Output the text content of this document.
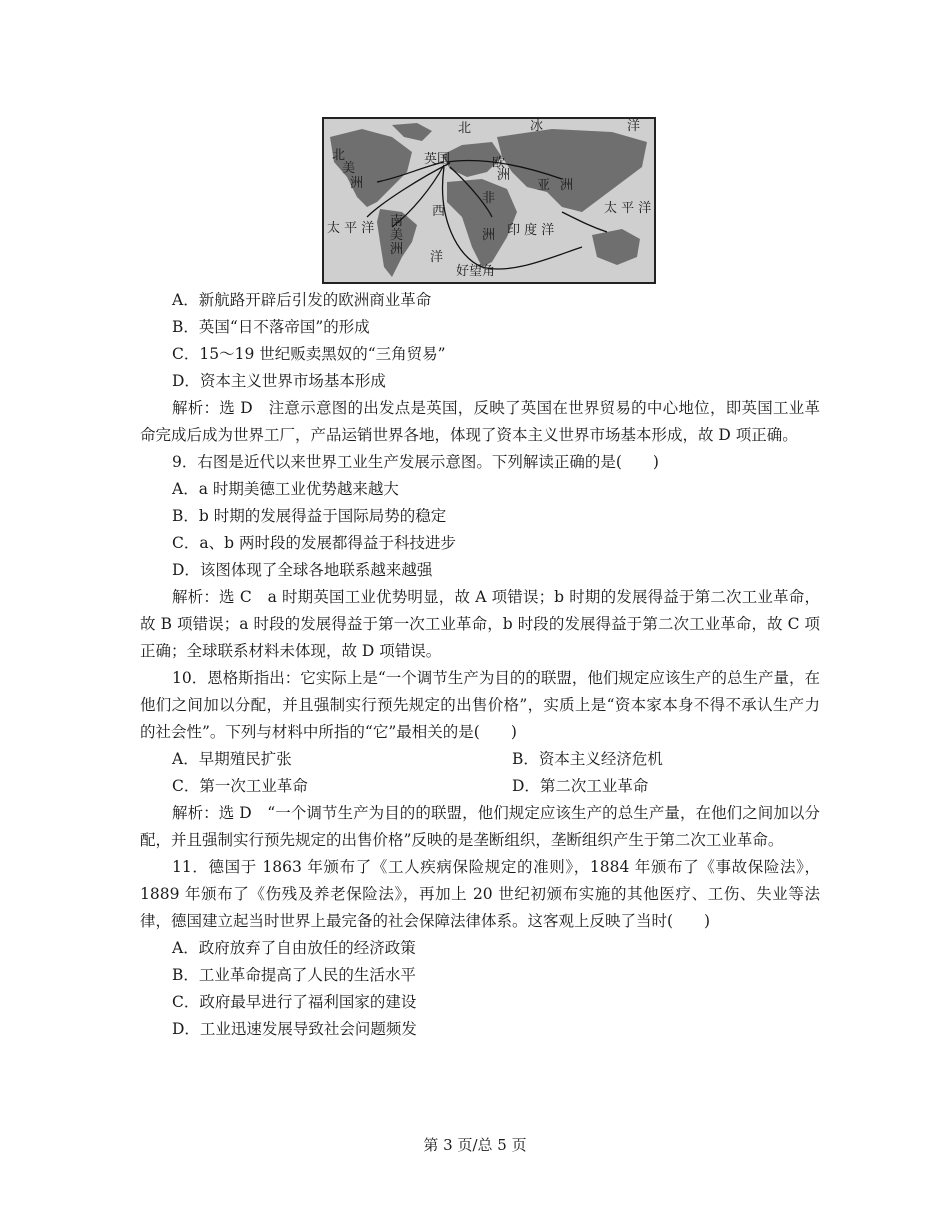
北	冰	洋
北
美
洲
英国	欧
洲
亚 洲
非
洲
南
美
洲
太 平 洋
太 平 洋
西
洋
印 度 洋
好望角
A．新航路开辟后引发的欧洲商业革命
B．英国“日不落帝国”的形成
C．15～19 世纪贩卖黑奴的“三角贸易”
D．资本主义世界市场基本形成
解析：选 D　注意示意图的出发点是英国，反映了英国在世界贸易的中心地位，即英国工业革命完成后成为世界工厂，产品运销世界各地，体现了资本主义世界市场基本形成，故 D 项正确。
9．右图是近代以来世界工业生产发展示意图。下列解读正确的是(　　)
A．a 时期美德工业优势越来越大
B．b 时期的发展得益于国际局势的稳定
C．a、b 两时段的发展都得益于科技进步
D．该图体现了全球各地联系越来越强
解析：选 C　a 时期英国工业优势明显，故 A 项错误；b 时期的发展得益于第二次工业革命，故 B 项错误；a 时段的发展得益于第一次工业革命，b 时段的发展得益于第二次工业革命，故 C 项正确；全球联系材料未体现，故 D 项错误。
10．恩格斯指出：它实际上是“一个调节生产为目的的联盟，他们规定应该生产的总生产量，在他们之间加以分配，并且强制实行预先规定的出售价格”，实质上是“资本家本身不得不承认生产力的社会性”。下列与材料中所指的“它”最相关的是(　　)
A．早期殖民扩张	B．资本主义经济危机
C．第一次工业革命	D．第二次工业革命
解析：选 D　“一个调节生产为目的的联盟，他们规定应该生产的总生产量，在他们之间加以分配，并且强制实行预先规定的出售价格”反映的是垄断组织，垄断组织产生于第二次工业革命。
11．德国于 1863 年颁布了《工人疾病保险规定的准则》，1884 年颁布了《事故保险法》，1889 年颁布了《伤残及养老保险法》，再加上 20 世纪初颁布实施的其他医疗、工伤、失业等法律，德国建立起当时世界上最完备的社会保障法律体系。这客观上反映了当时(　　)
A．政府放弃了自由放任的经济政策
B．工业革命提高了人民的生活水平
C．政府最早进行了福利国家的建设
D．工业迅速发展导致社会问题频发
第 3 页/总 5 页
